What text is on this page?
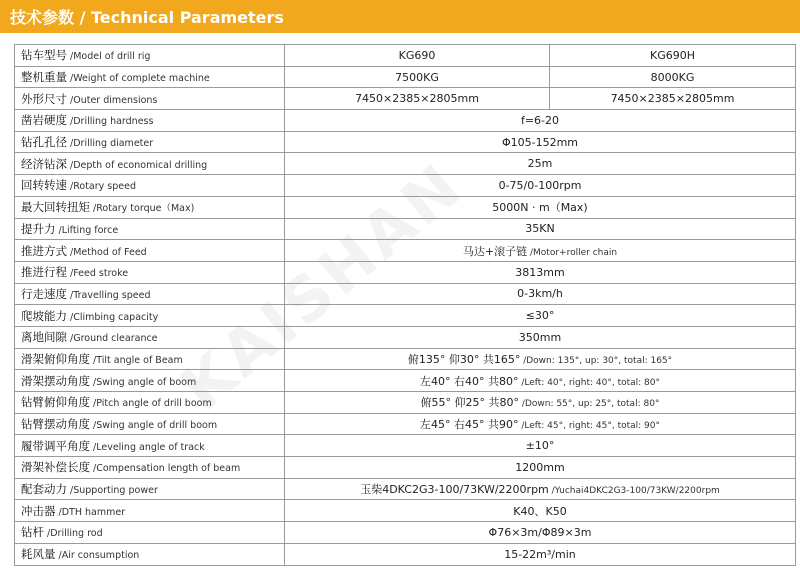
技术参数 / Technical Parameters
钻车型号 /Model of drill rig	KG690	KG690H
整机重量 /Weight of complete machine	7500KG	8000KG
外形尺寸 /Outer dimensions	7450×2385×2805mm	7450×2385×2805mm
凿岩硬度 /Drilling hardness	f=6-20	
钻孔孔径 /Drilling diameter	Φ105-152mm	
经济钻深 /Depth of economical drilling	25m	
回转转速 /Rotary speed	0-75/0-100rpm	
最大回转扭矩 /Rotary torque（Max)	5000N · m（Max)	
提升力 /Lifting force	35KN	
推进方式 /Method of Feed	马达+滚子链 /Motor+roller chain	
推进行程 /Feed stroke	3813mm	
行走速度 /Travelling speed	0-3km/h	
爬坡能力 /Climbing capacity	≤30°	
离地间隙 /Ground clearance	350mm	
滑架俯仰角度 /Tilt angle of Beam	俯135° 仰30° 共165° /Down: 135°, up: 30°, total: 165°	
滑架摆动角度 /Swing angle of boom	左40° 右40° 共80° /Left: 40°, right: 40°, total: 80°	
钻臂俯仰角度 /Pitch angle of drill boom	俯55° 仰25° 共80° /Down: 55°, up: 25°, total: 80°	
钻臂摆动角度 /Swing angle of drill boom	左45° 右45° 共90° /Left: 45°, right: 45°, total: 90°	
履带调平角度 /Leveling angle of track	±10°	
滑架补偿长度 /Compensation length of beam	1200mm	
配套动力 /Supporting power	玉柴4DKC2G3-100/73KW/2200rpm /Yuchai4DKC2G3-100/73KW/2200rpm	
冲击器 /DTH hammer	K40、K50	
钻杆 /Drilling rod	Φ76×3m/Φ89×3m	
耗风量 /Air consumption	15-22m³/min	
